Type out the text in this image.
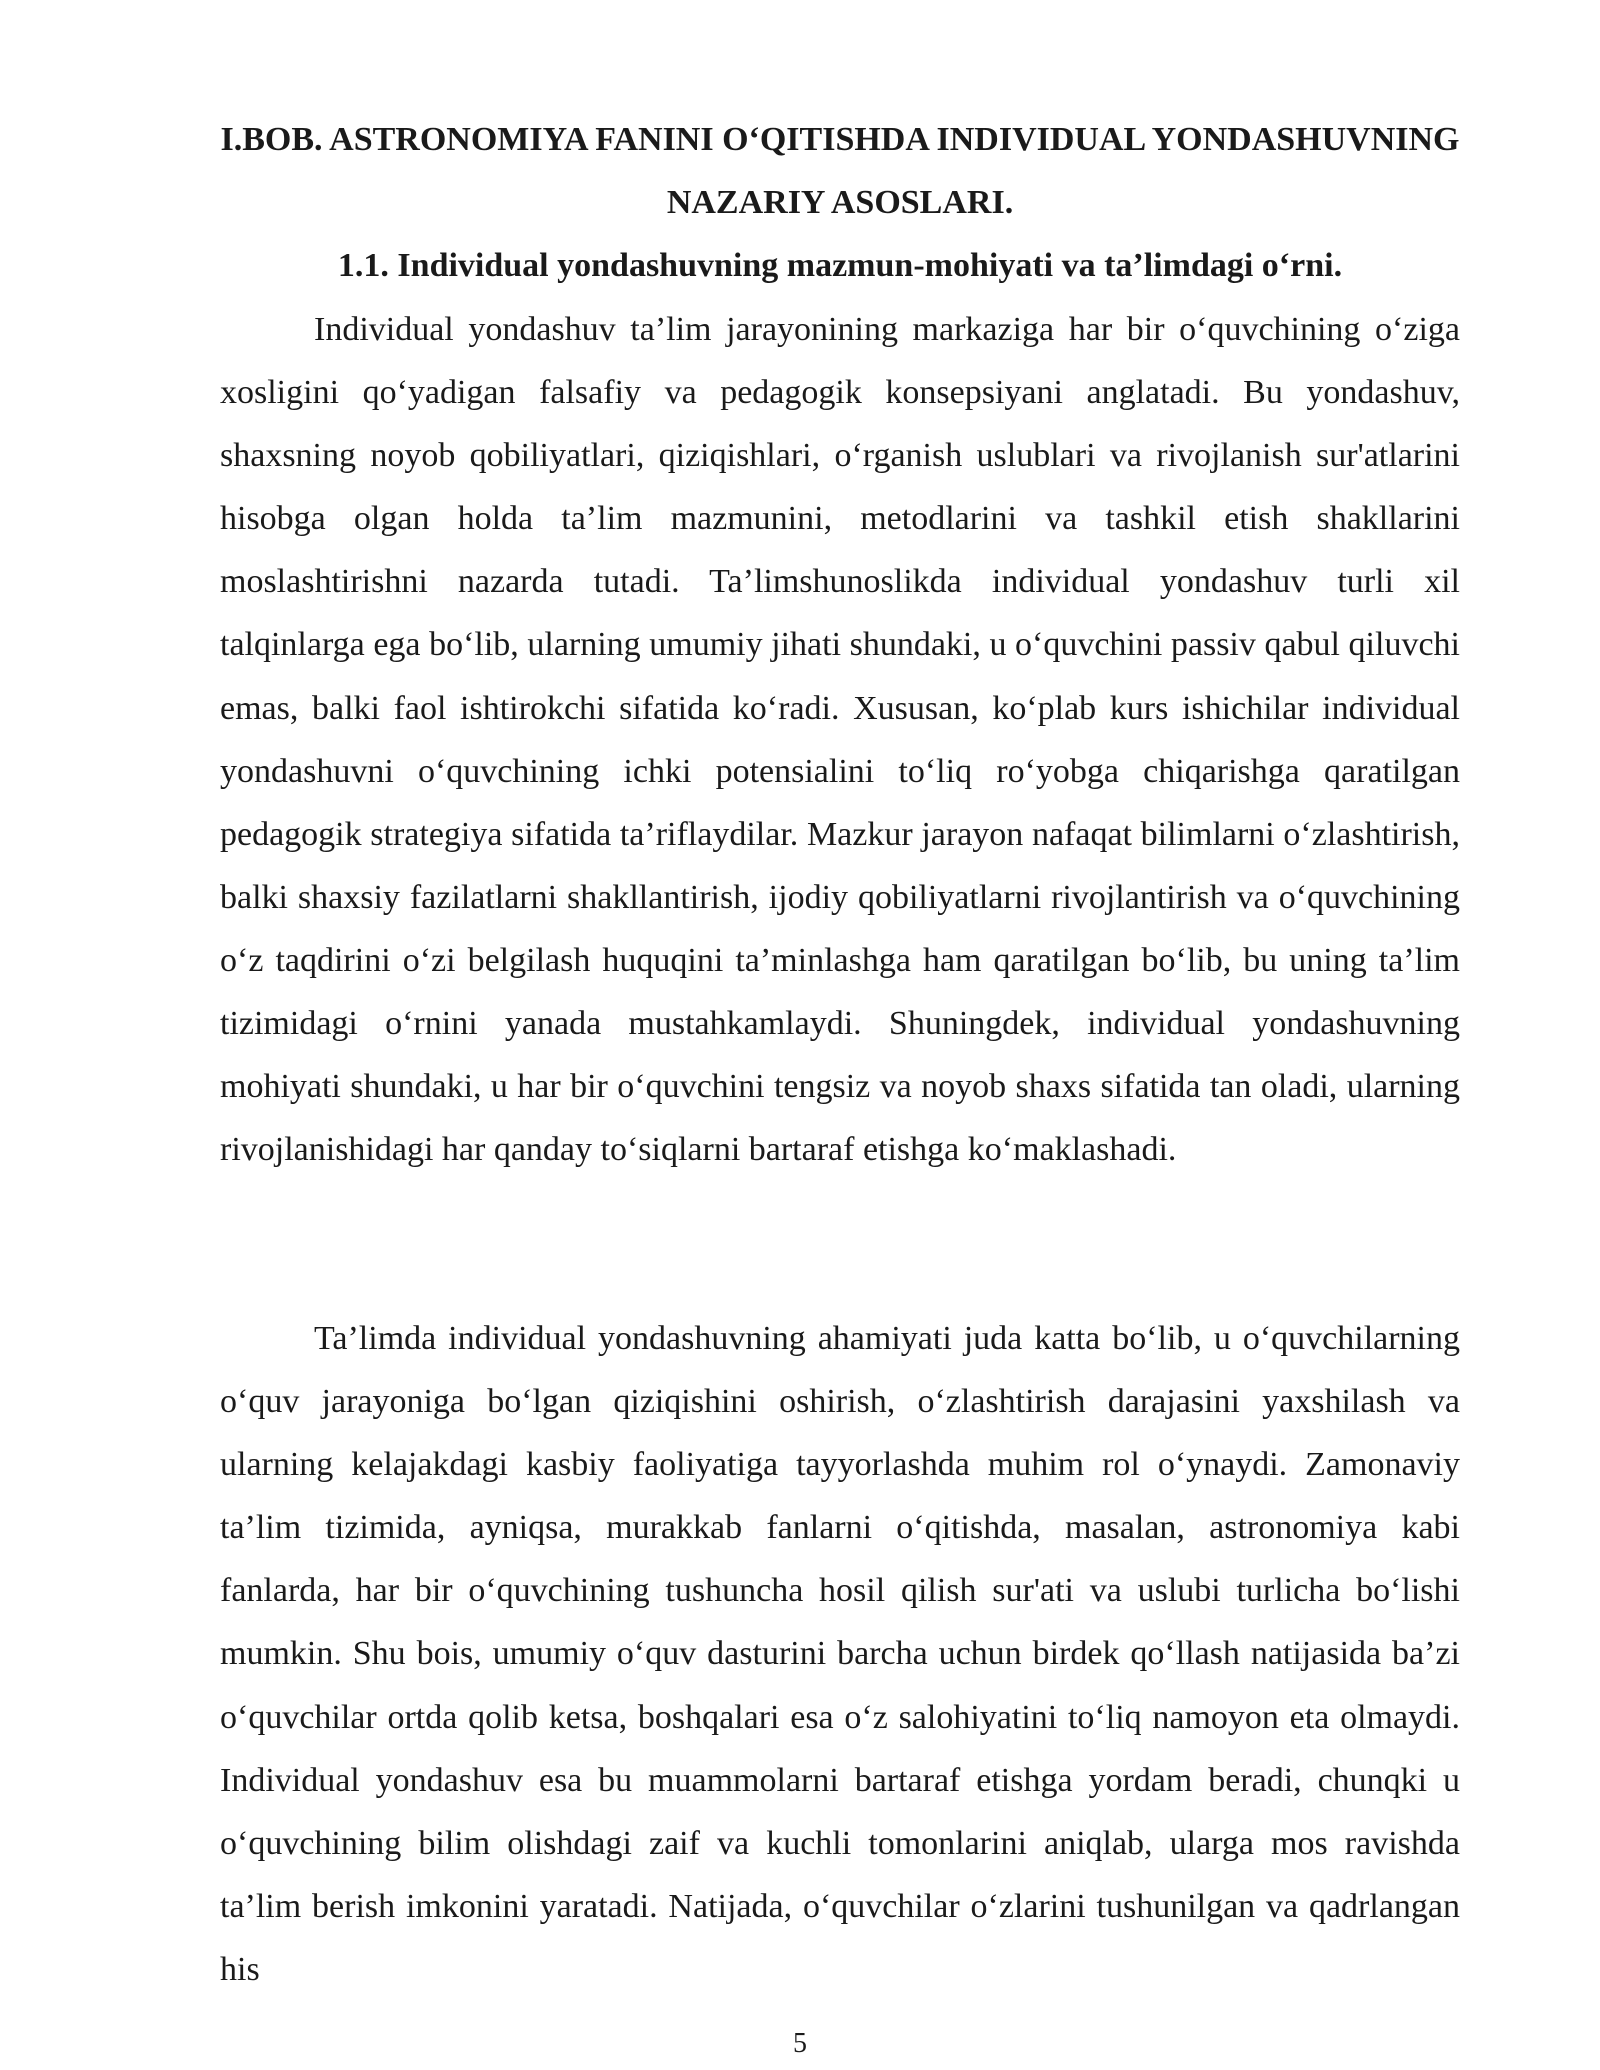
I.BOB. ASTRONOMIYA FANINI O‘QITISHDA INDIVIDUAL YONDASHUVNING NAZARIY ASOSLARI.

1.1. Individual yondashuvning mazmun-mohiyati va ta’limdagi o‘rni.

Individual yondashuv ta’lim jarayonining markaziga har bir o‘quvchining o‘ziga xosligini qo‘yadigan falsafiy va pedagogik konsepsiyani anglatadi. Bu yondashuv, shaxsning noyob qobiliyatlari, qiziqishlari, o‘rganish uslublari va rivojlanish sur'atlarini hisobga olgan holda ta’lim mazmunini, metodlarini va tashkil etish shakllarini moslashtirishni nazarda tutadi. Ta’limshunoslikda individual yondashuv turli xil talqinlarga ega bo‘lib, ularning umumiy jihati shundaki, u o‘quvchini passiv qabul qiluvchi emas, balki faol ishtirokchi sifatida ko‘radi. Xususan, ko‘plab kurs ishichilar individual yondashuvni o‘quvchining ichki potensialini to‘liq ro‘yobga chiqarishga qaratilgan pedagogik strategiya sifatida ta’riflaydilar. Mazkur jarayon nafaqat bilimlarni o‘zlashtirish, balki shaxsiy fazilatlarni shakllantirish, ijodiy qobiliyatlarni rivojlantirish va o‘quvchining o‘z taqdirini o‘zi belgilash huquqini ta’minlashga ham qaratilgan bo‘lib, bu uning ta’lim tizimidagi o‘rnini yanada mustahkamlaydi. Shuningdek, individual yondashuvning mohiyati shundaki, u har bir o‘quvchini tengsiz va noyob shaxs sifatida tan oladi, ularning rivojlanishidagi har qanday to‘siqlarni bartaraf etishga ko‘maklashadi.

Ta’limda individual yondashuvning ahamiyati juda katta bo‘lib, u o‘quvchilarning o‘quv jarayoniga bo‘lgan qiziqishini oshirish, o‘zlashtirish darajasini yaxshilash va ularning kelajakdagi kasbiy faoliyatiga tayyorlashda muhim rol o‘ynaydi. Zamonaviy ta’lim tizimida, ayniqsa, murakkab fanlarni o‘qitishda, masalan, astronomiya kabi fanlarda, har bir o‘quvchining tushuncha hosil qilish sur'ati va uslubi turlicha bo‘lishi mumkin. Shu bois, umumiy o‘quv dasturini barcha uchun birdek qo‘llash natijasida ba’zi o‘quvchilar ortda qolib ketsa, boshqalari esa o‘z salohiyatini to‘liq namoyon eta olmaydi. Individual yondashuv esa bu muammolarni bartaraf etishga yordam beradi, chunqki u o‘quvchining bilim olishdagi zaif va kuchli tomonlarini aniqlab, ularga mos ravishda ta’lim berish imkonini yaratadi. Natijada, o‘quvchilar o‘zlarini tushunilgan va qadrlangan his

5
